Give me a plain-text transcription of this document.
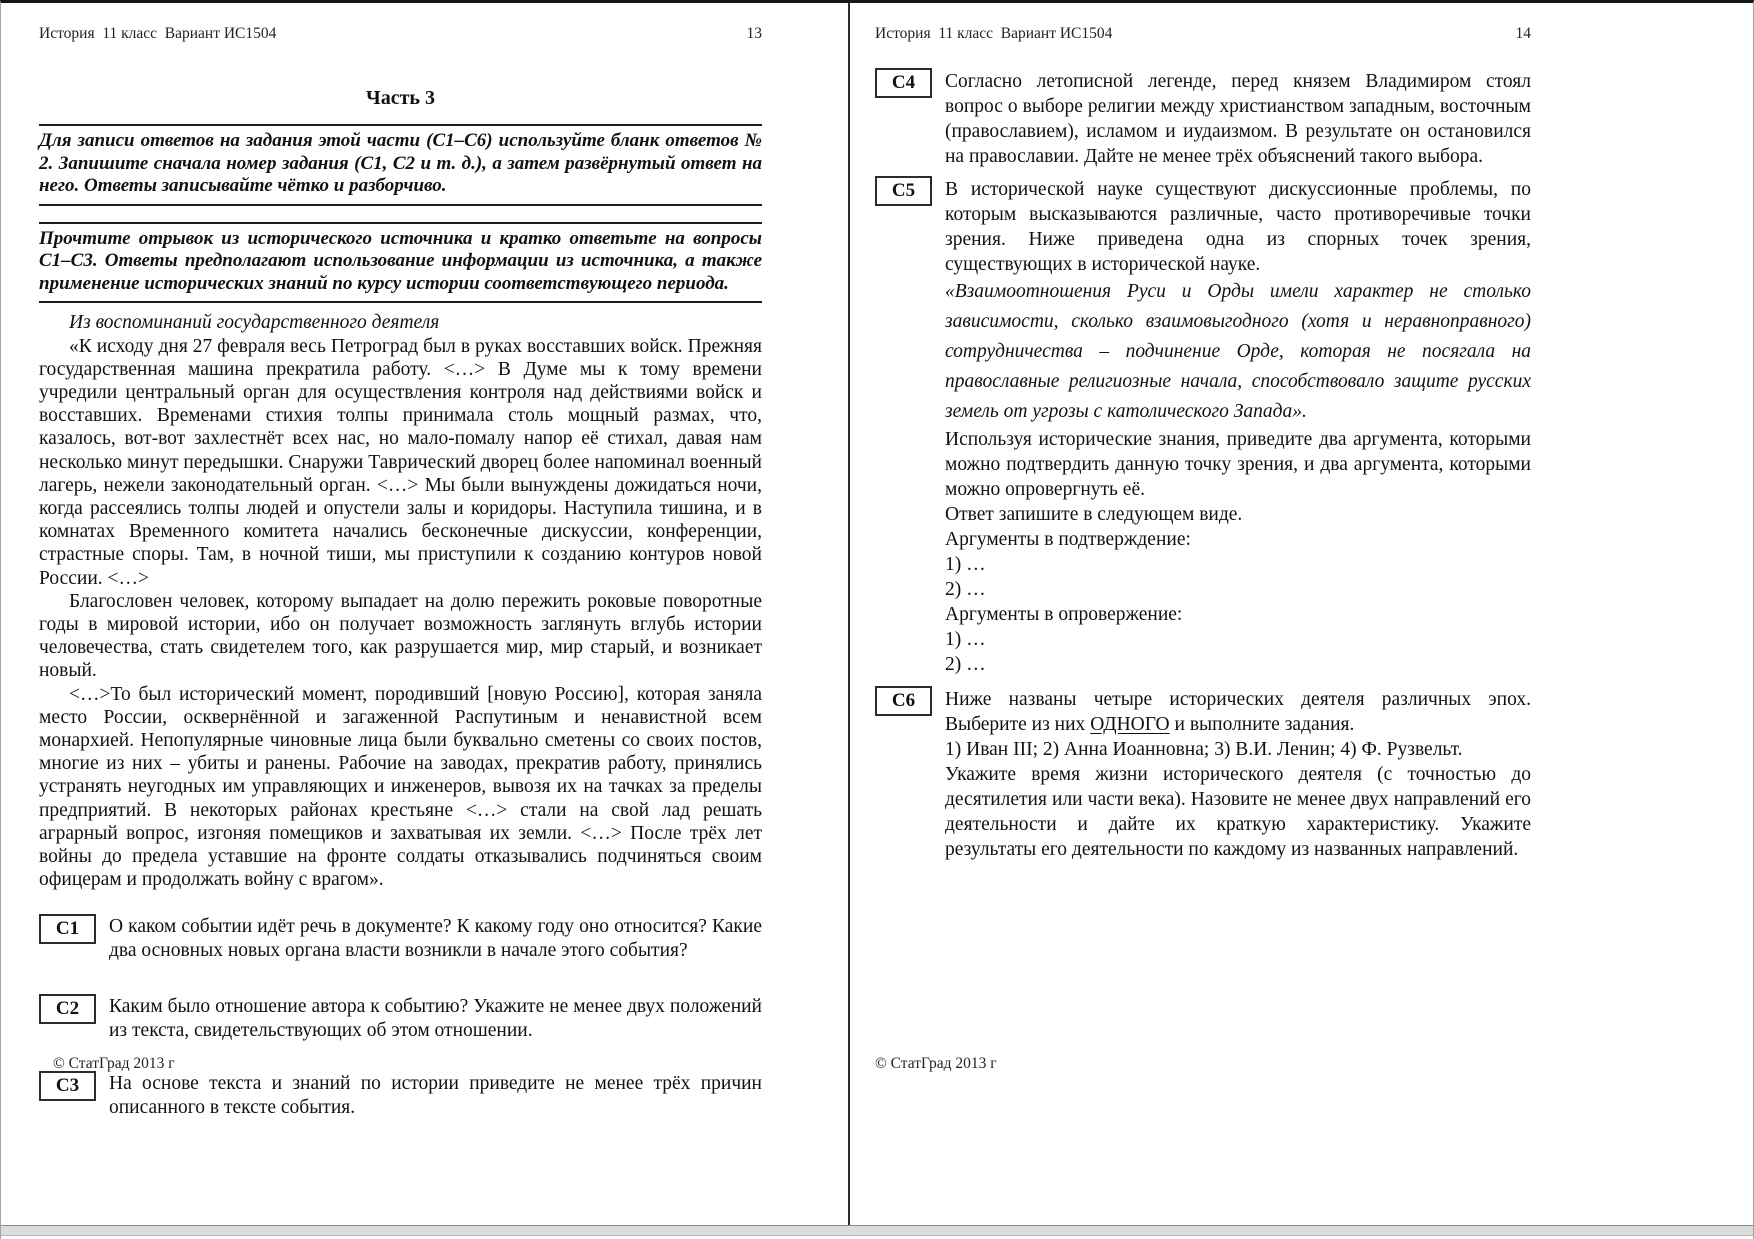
История  11 класс  Вариант ИС1504	13
Часть 3
Для записи ответов на задания этой части (С1–С6) используйте бланк ответов № 2. Запишите сначала номер задания (С1, С2 и т. д.), а затем развёрнутый ответ на него. Ответы записывайте чётко и разборчиво.
Прочтите отрывок из исторического источника и кратко ответьте на вопросы С1–С3. Ответы предполагают использование информации из источника, а также применение исторических знаний по курсу истории соответствующего периода.

Из воспоминаний государственного деятеля

«К исходу дня 27 февраля весь Петроград был в руках восставших войск. Прежняя государственная машина прекратила работу. <…> В Думе мы к тому времени учредили центральный орган для осуществления контроля над действиями войск и восставших. Временами стихия толпы принимала столь мощный размах, что, казалось, вот-вот захлестнёт всех нас, но мало-помалу напор её стихал, давая нам несколько минут передышки. Снаружи Таврический дворец более напоминал военный лагерь, нежели законодательный орган. <…> Мы были вынуждены дожидаться ночи, когда рассеялись толпы людей и опустели залы и коридоры. Наступила тишина, и в комнатах Временного комитета начались бесконечные дискуссии, конференции, страстные споры. Там, в ночной тиши, мы приступили к созданию контуров новой России. <…>

Благословен человек, которому выпадает на долю пережить роковые поворотные годы в мировой истории, ибо он получает возможность заглянуть вглубь истории человечества, стать свидетелем того, как разрушается мир, мир старый, и возникает новый.

<…>То был исторический момент, породивший [новую Россию], которая заняла место России, осквернённой и загаженной Распутиным и ненавистной всем монархией. Непопулярные чиновные лица были буквально сметены со своих постов, многие из них – убиты и ранены. Рабочие на заводах, прекратив работу, принялись устранять неугодных им управляющих и инженеров, вывозя их на тачках за пределы предприятий. В некоторых районах крестьяне <…> стали на свой лад решать аграрный вопрос, изгоняя помещиков и захватывая их земли. <…> После трёх лет войны до предела уставшие на фронте солдаты отказывались подчиняться своим офицерам и продолжать войну с врагом».

С1 О каком событии идёт речь в документе? К какому году оно относится? Какие два основных новых органа власти возникли в начале этого события?
С2 Каким было отношение автора к событию? Укажите не менее двух положений из текста, свидетельствующих об этом отношении.
С3 На основе текста и знаний по истории приведите не менее трёх причин описанного в тексте события.
© СтатГрад 2013 г
История  11 класс  Вариант ИС1504	14
С4 Согласно летописной легенде, перед князем Владимиром стоял вопрос о выборе религии между христианством западным, восточным (православием), исламом и иудаизмом. В результате он остановился на православии. Дайте не менее трёх объяснений такого выбора.
С5 В исторической науке существуют дискуссионные проблемы, по которым высказываются различные, часто противоречивые точки зрения. Ниже приведена одна из спорных точек зрения, существующих в исторической науке.

«Взаимоотношения Руси и Орды имели характер не столько зависимости, сколько взаимовыгодного (хотя и неравноправного) сотрудничества – подчинение Орде, которая не посягала на православные религиозные начала, способствовало защите русских земель от угрозы с католического Запада».

Используя исторические знания, приведите два аргумента, которыми можно подтвердить данную точку зрения, и два аргумента, которыми можно опровергнуть её.

Ответ запишите в следующем виде.

Аргументы в подтверждение:

1) …

2) …

Аргументы в опровержение:

1) …

2) …

С6 Ниже названы четыре исторических деятеля различных эпох. Выберите из них ОДНОГО и выполните задания.

1) Иван III; 2) Анна Иоанновна; 3) В.И. Ленин; 4) Ф. Рузвельт.

Укажите время жизни исторического деятеля (с точностью до десятилетия или части века). Назовите не менее двух направлений его деятельности и дайте их краткую характеристику. Укажите результаты его деятельности по каждому из названных направлений.

© СтатГрад 2013 г
